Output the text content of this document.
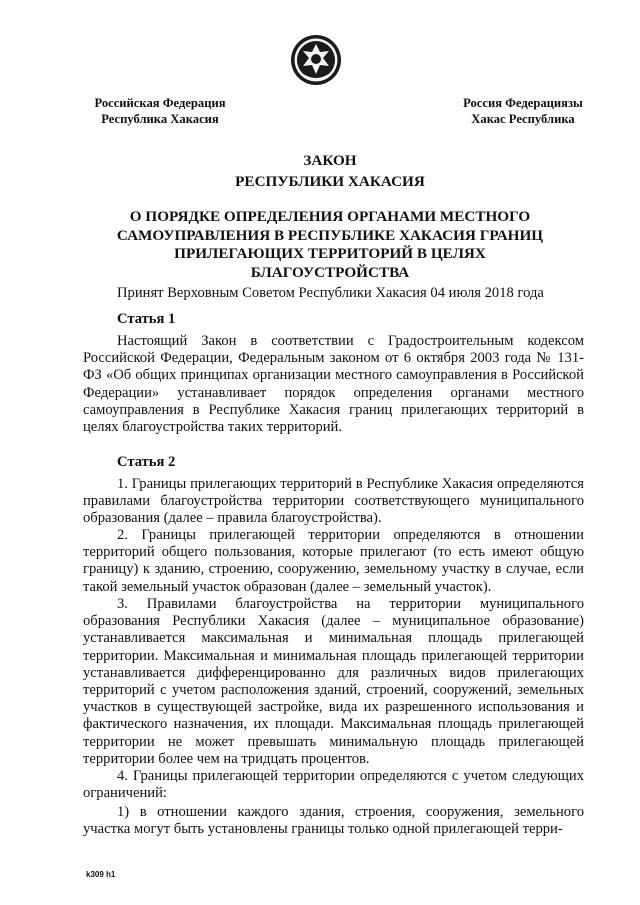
Российская Федерация
Республика Хакасия
Россия Федерациязы
Хакас Республика
ЗАКОН
РЕСПУБЛИКИ ХАКАСИЯ
О ПОРЯДКЕ ОПРЕДЕЛЕНИЯ ОРГАНАМИ МЕСТНОГО САМОУПРАВЛЕНИЯ В РЕСПУБЛИКЕ ХАКАСИЯ ГРАНИЦ ПРИЛЕГАЮЩИХ ТЕРРИТОРИЙ В ЦЕЛЯХ БЛАГОУСТРОЙСТВА
Принят Верховным Советом Республики Хакасия 04 июля 2018 года
Статья 1

Настоящий Закон в соответствии с Градостроительным кодексом Российской Федерации, Федеральным законом от 6 октября 2003 года № 131-ФЗ «Об общих принципах организации местного самоуправления в Российской Федерации» устанавливает порядок определения органами местного самоуправления в Республике Хакасия границ прилегающих территорий в целях благоустройства таких территорий.

Статья 2

1. Границы прилегающих территорий в Республике Хакасия определяются правилами благоустройства территории соответствующего муниципального образования (далее – правила благоустройства).

2. Границы прилегающей территории определяются в отношении территорий общего пользования, которые прилегают (то есть имеют общую границу) к зданию, строению, сооружению, земельному участку в случае, если такой земельный участок образован (далее – земельный участок).

3. Правилами благоустройства на территории муниципального образования Республики Хакасия (далее – муниципальное образование) устанавливается максимальная и минимальная площадь прилегающей территории. Максимальная и минимальная площадь прилегающей территории устанавливается дифференцированно для различных видов прилегающих территорий с учетом расположения зданий, строений, сооружений, земельных участков в существующей застройке, вида их разрешенного использования и фактического назначения, их площади. Максимальная площадь прилегающей территории не может превышать минимальную площадь прилегающей территории более чем на тридцать процентов.

4. Границы прилегающей территории определяются с учетом следующих ограничений:

1) в отношении каждого здания, строения, сооружения, земельного участка могут быть установлены границы только одной прилегающей терри-

k309 h1
